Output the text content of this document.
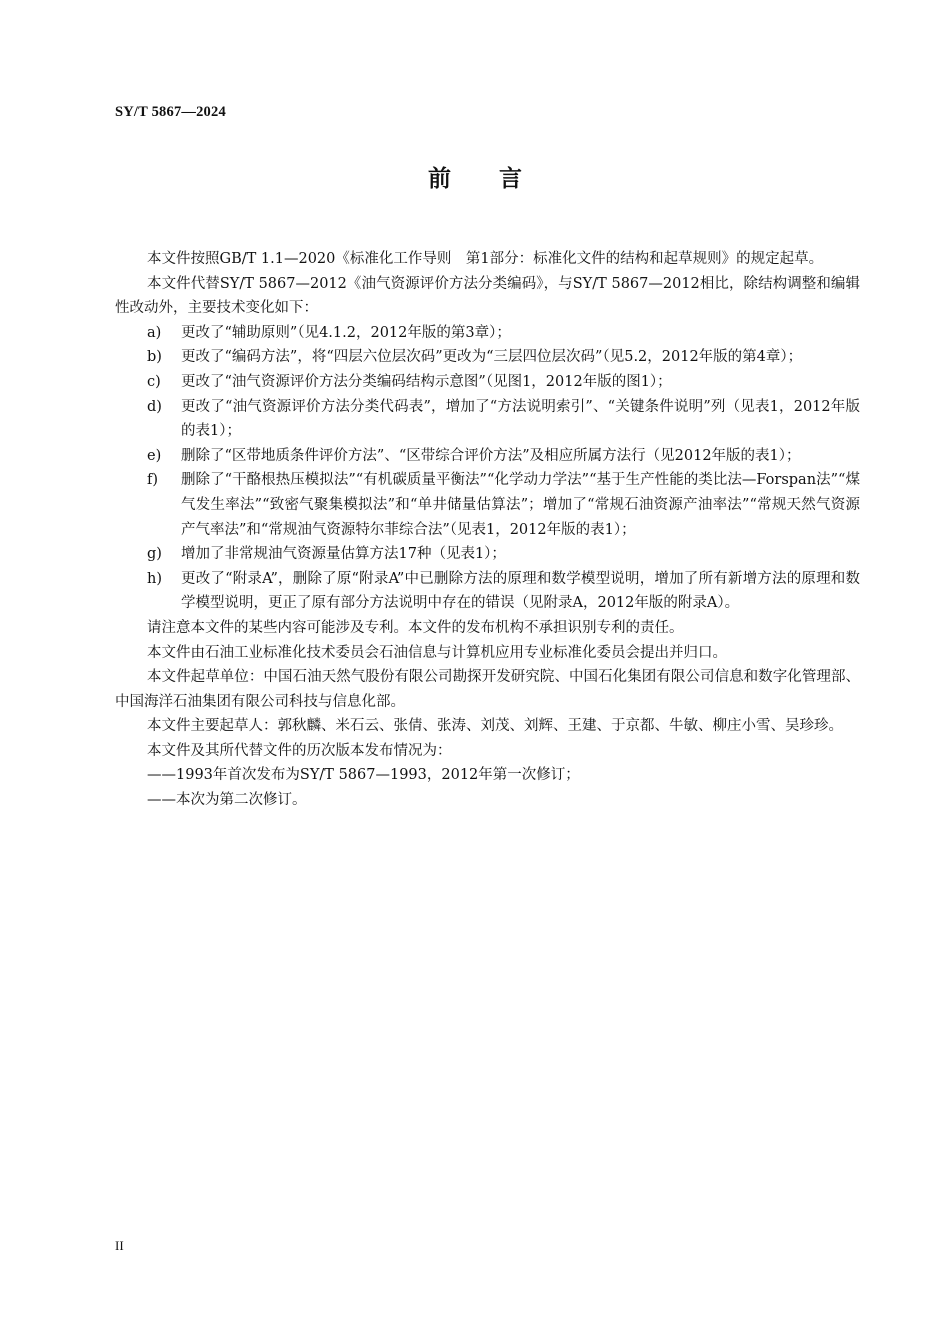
SY/T 5867—2024
前 言

本文件按照GB/T 1.1—2020《标准化工作导则　第1部分：标准化文件的结构和起草规则》的规定起草。

本文件代替SY/T 5867—2012《油气资源评价方法分类编码》，与SY/T 5867—2012相比，除结构调整和编辑性改动外，主要技术变化如下：

a) 更改了“辅助原则”（见4.1.2，2012年版的第3章）；
b) 更改了“编码方法”，将“四层六位层次码”更改为“三层四位层次码”（见5.2，2012年版的第4章）；
c) 更改了“油气资源评价方法分类编码结构示意图”（见图1，2012年版的图1）；
d) 更改了“油气资源评价方法分类代码表”，增加了“方法说明索引”、“关键条件说明”列（见表1，2012年版的表1）；
e) 删除了“区带地质条件评价方法”、“区带综合评价方法”及相应所属方法行（见2012年版的表1）；
f) 删除了“干酪根热压模拟法”“有机碳质量平衡法”“化学动力学法”“基于生产性能的类比法—Forspan法”“煤气发生率法”“致密气聚集模拟法”和“单井储量估算法”；增加了“常规石油资源产油率法”“常规天然气资源产气率法”和“常规油气资源特尔菲综合法”（见表1，2012年版的表1）；
g) 增加了非常规油气资源量估算方法17种（见表1）；
h) 更改了“附录A”，删除了原“附录A”中已删除方法的原理和数学模型说明，增加了所有新增方法的原理和数学模型说明，更正了原有部分方法说明中存在的错误（见附录A，2012年版的附录A）。

请注意本文件的某些内容可能涉及专利。本文件的发布机构不承担识别专利的责任。

本文件由石油工业标准化技术委员会石油信息与计算机应用专业标准化委员会提出并归口。

本文件起草单位：中国石油天然气股份有限公司勘探开发研究院、中国石化集团有限公司信息和数字化管理部、中国海洋石油集团有限公司科技与信息化部。

本文件主要起草人：郭秋麟、米石云、张倩、张涛、刘茂、刘辉、王建、于京都、牛敏、柳庄小雪、吴珍珍。

本文件及其所代替文件的历次版本发布情况为：

——1993年首次发布为SY/T 5867—1993，2012年第一次修订；

——本次为第二次修订。

II
